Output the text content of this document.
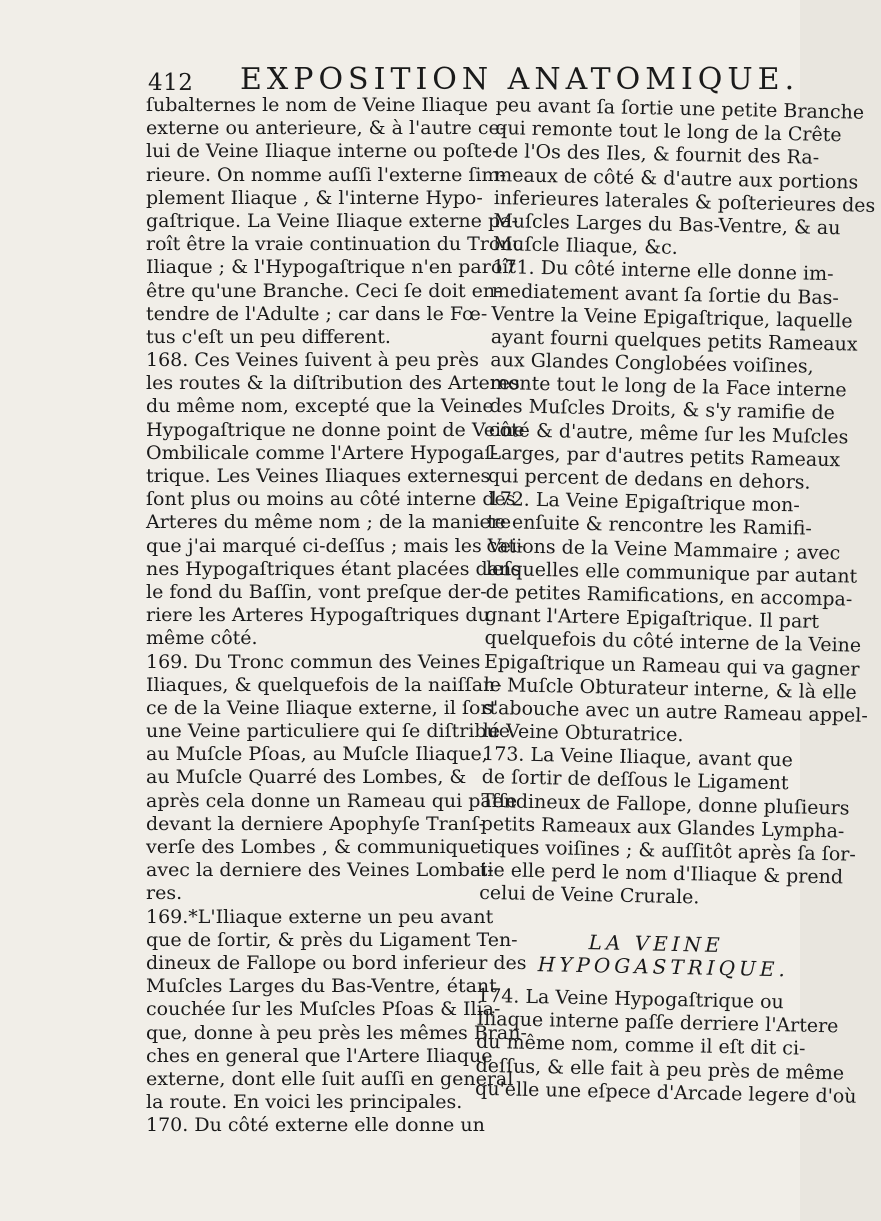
412 EXPOSITION ANATOMIQUE.
ſubalternes le nom de Veine Iliaque
externe ou anterieure, & à l'autre ce-
lui de Veine Iliaque interne ou poſte-
rieure. On nomme auſſi l'externe ſim-
plement Iliaque , & l'interne Hypo-
gaſtrique. La Veine Iliaque externe pa-
roît être la vraie continuation du Tronc
Iliaque ; & l'Hypogaſtrique n'en paroît
être qu'une Branche. Ceci ſe doit en-
tendre de l'Adulte ; car dans le Fœ-
tus c'eſt un peu different.
168. Ces Veines ſuivent à peu près
les routes & la diſtribution des Arteres
du même nom, excepté que la Veine
Hypogaſtrique ne donne point de Veine
Ombilicale comme l'Artere Hypogaſ-
trique. Les Veines Iliaques externes
ſont plus ou moins au côté interne des
Arteres du même nom ; de la maniere
que j'ai marqué ci-deſſus ; mais les Vei-
nes Hypogaſtriques étant placées dans
le fond du Baſſin, vont preſque der-
riere les Arteres Hypogaſtriques du
même côté.
169. Du Tronc commun des Veines
Iliaques, & quelquefois de la naiſſan-
ce de la Veine Iliaque externe, il ſort
une Veine particuliere qui ſe diſtribue
au Muſcle Pſoas, au Muſcle Iliaque,
au Muſcle Quarré des Lombes, &
après cela donne un Rameau qui paſſe
devant la derniere Apophyſe Tranſ-
verſe des Lombes , & communique
avec la derniere des Veines Lombai-
res.
169.*L'Iliaque externe un peu avant
que de ſortir, & près du Ligament Ten-
dineux de Fallope ou bord inferieur des
Muſcles Larges du Bas-Ventre, étant
couchée ſur les Muſcles Pſoas & Ilia-
que, donne à peu près les mêmes Bran-
ches en general que l'Artere Iliaque
externe, dont elle ſuit auſſi en general
la route. En voici les principales.
170. Du côté externe elle donne un
peu avant ſa ſortie une petite Branche
qui remonte tout le long de la Crête
de l'Os des Iles, & fournit des Ra-
meaux de côté & d'autre aux portions
inferieures laterales & poſterieures des
Muſcles Larges du Bas-Ventre, & au
Muſcle Iliaque, &c.
171. Du côté interne elle donne im-
mediatement avant ſa ſortie du Bas-
Ventre la Veine Epigaſtrique, laquelle
ayant fourni quelques petits Rameaux
aux Glandes Conglobées voiſines,
monte tout le long de la Face interne
des Muſcles Droits, & s'y ramifie de
côté & d'autre, même ſur les Muſcles
Larges, par d'autres petits Rameaux
qui percent de dedans en dehors.
172. La Veine Epigaſtrique mon-
te enſuite & rencontre les Ramifi-
cations de la Veine Mammaire ; avec
leſquelles elle communique par autant
de petites Ramifications, en accompa-
gnant l'Artere Epigaſtrique. Il part
quelquefois du côté interne de la Veine
Epigaſtrique un Rameau qui va gagner
le Muſcle Obturateur interne, & là elle
s'abouche avec un autre Rameau appel-
lé Veine Obturatrice.
173. La Veine Iliaque, avant que
de ſortir de deſſous le Ligament
Tendineux de Fallope, donne pluſieurs
petits Rameaux aux Glandes Lympha-
tiques voiſines ; & auſſitôt après ſa ſor-
tie elle perd le nom d'Iliaque & prend
celui de Veine Crurale.
LA VEINE
HYPOGASTRIQUE.
174. La Veine Hypogaſtrique ou
Iliaque interne paſſe derriere l'Artere
du même nom, comme il eſt dit ci-
deſſus, & elle fait à peu près de même
qu'elle une eſpece d'Arcade legere d'où
